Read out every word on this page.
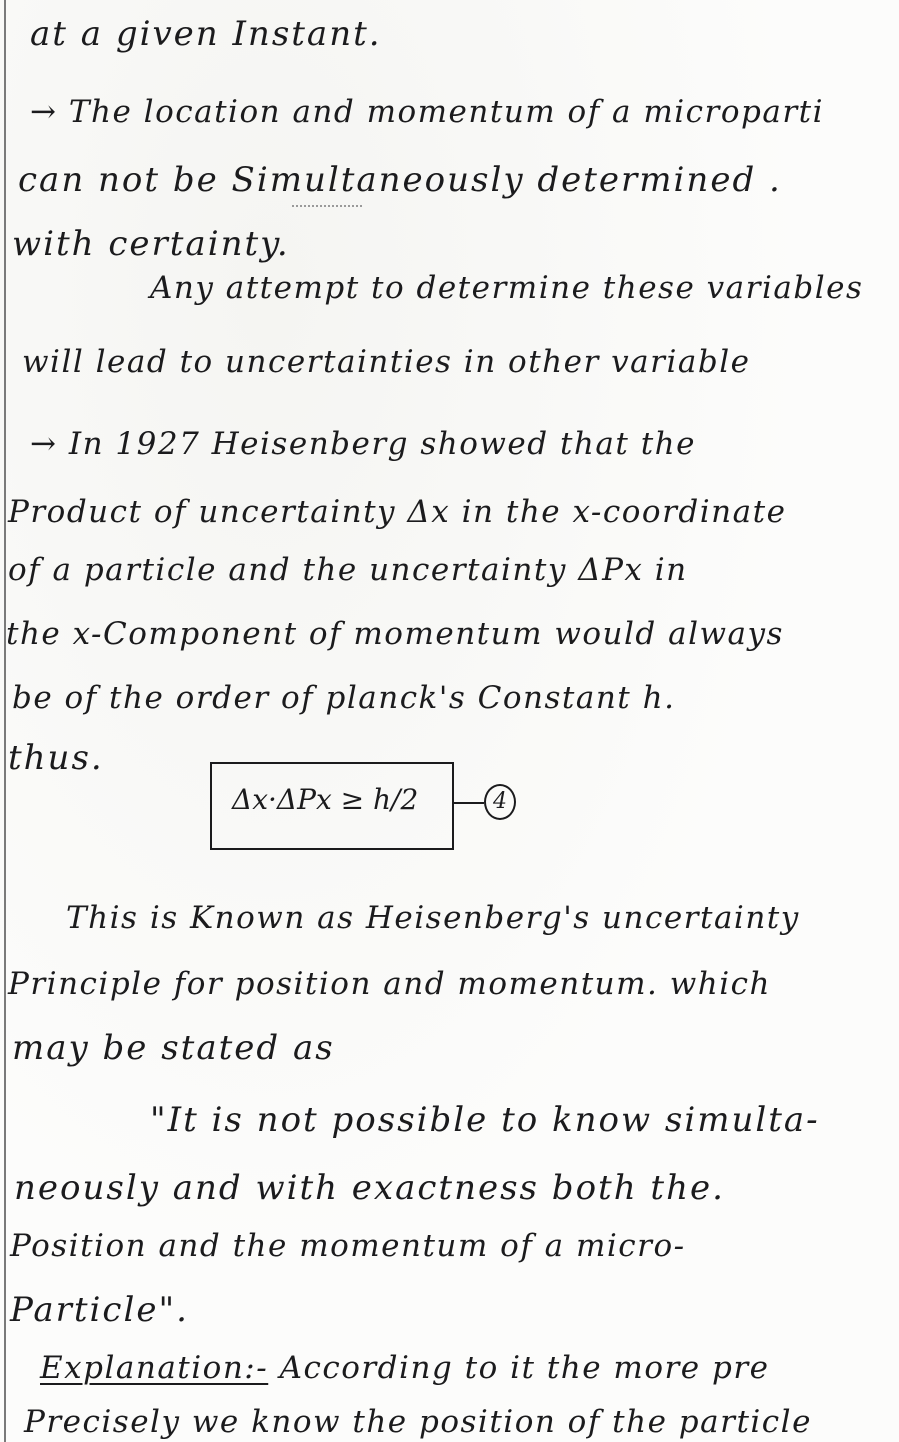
at a given Instant.
→ The location and momentum of a microparti
can not be Simultaneously determined .
with certainty.
Any attempt to determine these variables
will lead to uncertainties in other variable
→ In 1927 Heisenberg showed that the
Product of uncertainty Δx in the x-coordinate
of a particle and the uncertainty ΔPx in
the x-Component of momentum would always
be of the order of planck's Constant h.
thus.
Δx·ΔPx ≥ h/2	4
This is Known as Heisenberg's uncertainty
Principle for position and momentum. which
may be stated as
"It is not possible to know simulta-
neously and with exactness both the.
Position and the momentum of a micro-
Particle".
Explanation:- According to it the more pre
Precisely we know the position of the particle
